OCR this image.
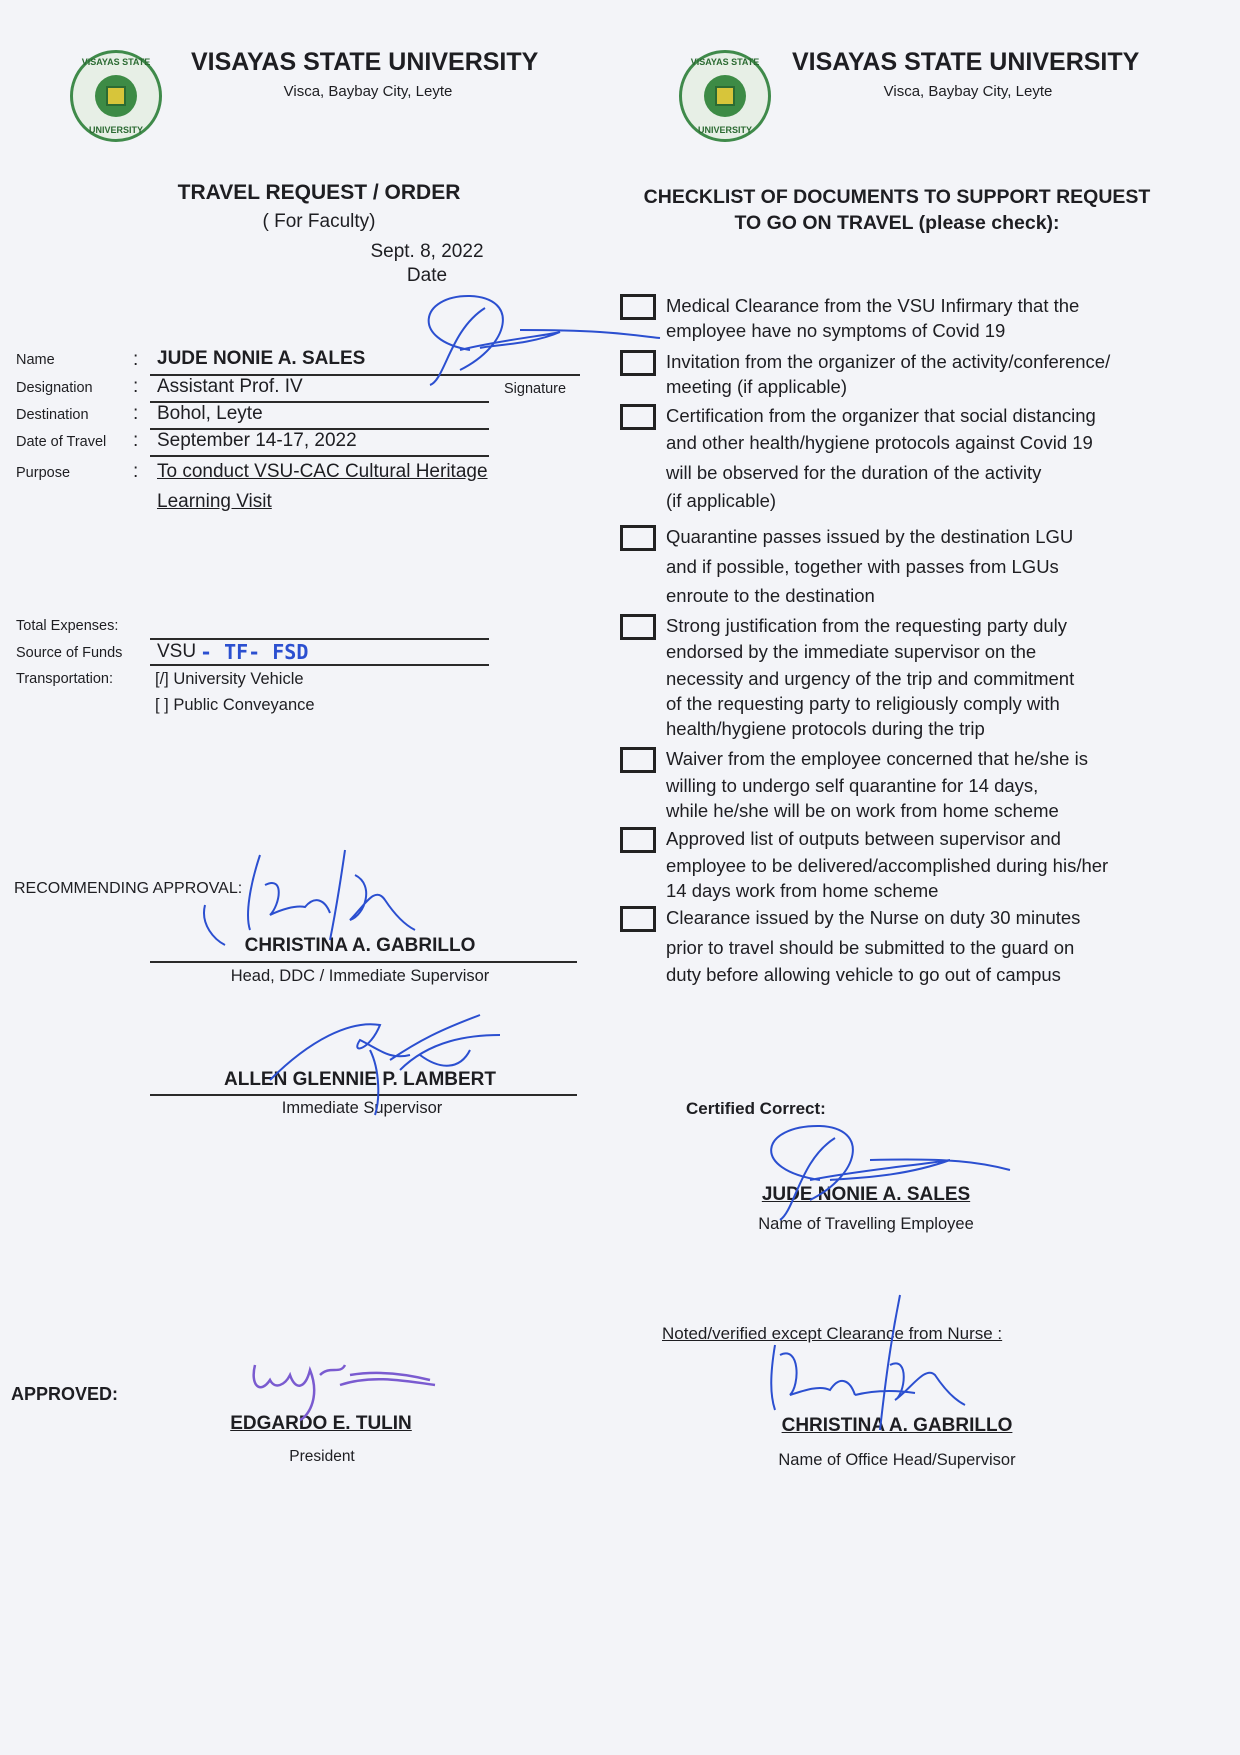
VISAYAS STATE
UNIVERSITY
VISAYAS STATE UNIVERSITY
Visca, Baybay City, Leyte
VISAYAS STATE
UNIVERSITY
VISAYAS STATE UNIVERSITY
Visca, Baybay City, Leyte
TRAVEL REQUEST / ORDER
( For Faculty)
Sept. 8, 2022
Date
Name	: JUDE NONIE A. SALES
Signature
Designation : Assistant Prof. IV
Destination : Bohol, Leyte
Date of Travel : September 14-17, 2022
Purpose	: To conduct VSU-CAC Cultural Heritage
Learning Visit
Total Expenses:
Source of Funds VSU - TF- FSD
Transportation:	[/] University Vehicle
[ ] Public Conveyance
RECOMMENDING APPROVAL:
CHRISTINA A. GABRILLO
Head, DDC / Immediate Supervisor
ALLEN GLENNIE P. LAMBERT
Immediate Supervisor
APPROVED:
EDGARDO E. TULIN
President
CHECKLIST OF DOCUMENTS TO SUPPORT REQUEST
TO GO ON TRAVEL (please check):
Medical Clearance from the VSU Infirmary that the
employee have no symptoms of Covid 19
Invitation from the organizer of the activity/conference/
meeting (if applicable)
Certification from the organizer that social distancing
and other health/hygiene protocols against Covid 19
will be observed for the duration of the activity
(if applicable)
Quarantine passes issued by the destination LGU
and if possible, together with passes from LGUs
enroute to the destination
Strong justification from the requesting party duly
endorsed by the immediate supervisor on the
necessity and urgency of the trip and commitment
of the requesting party to religiously comply with
health/hygiene protocols during the trip
Waiver from the employee concerned that he/she is
willing to undergo self quarantine for 14 days,
while he/she will be on work from home scheme
Approved list of outputs between supervisor and
employee to be delivered/accomplished during his/her
14 days work from home scheme
Clearance issued by the Nurse on duty 30 minutes
prior to travel should be submitted to the guard on
duty before allowing vehicle to go out of campus
Certified Correct:
JUDE NONIE A. SALES
Name of Travelling Employee
Noted/verified except Clearance from Nurse :
CHRISTINA A. GABRILLO
Name of Office Head/Supervisor
